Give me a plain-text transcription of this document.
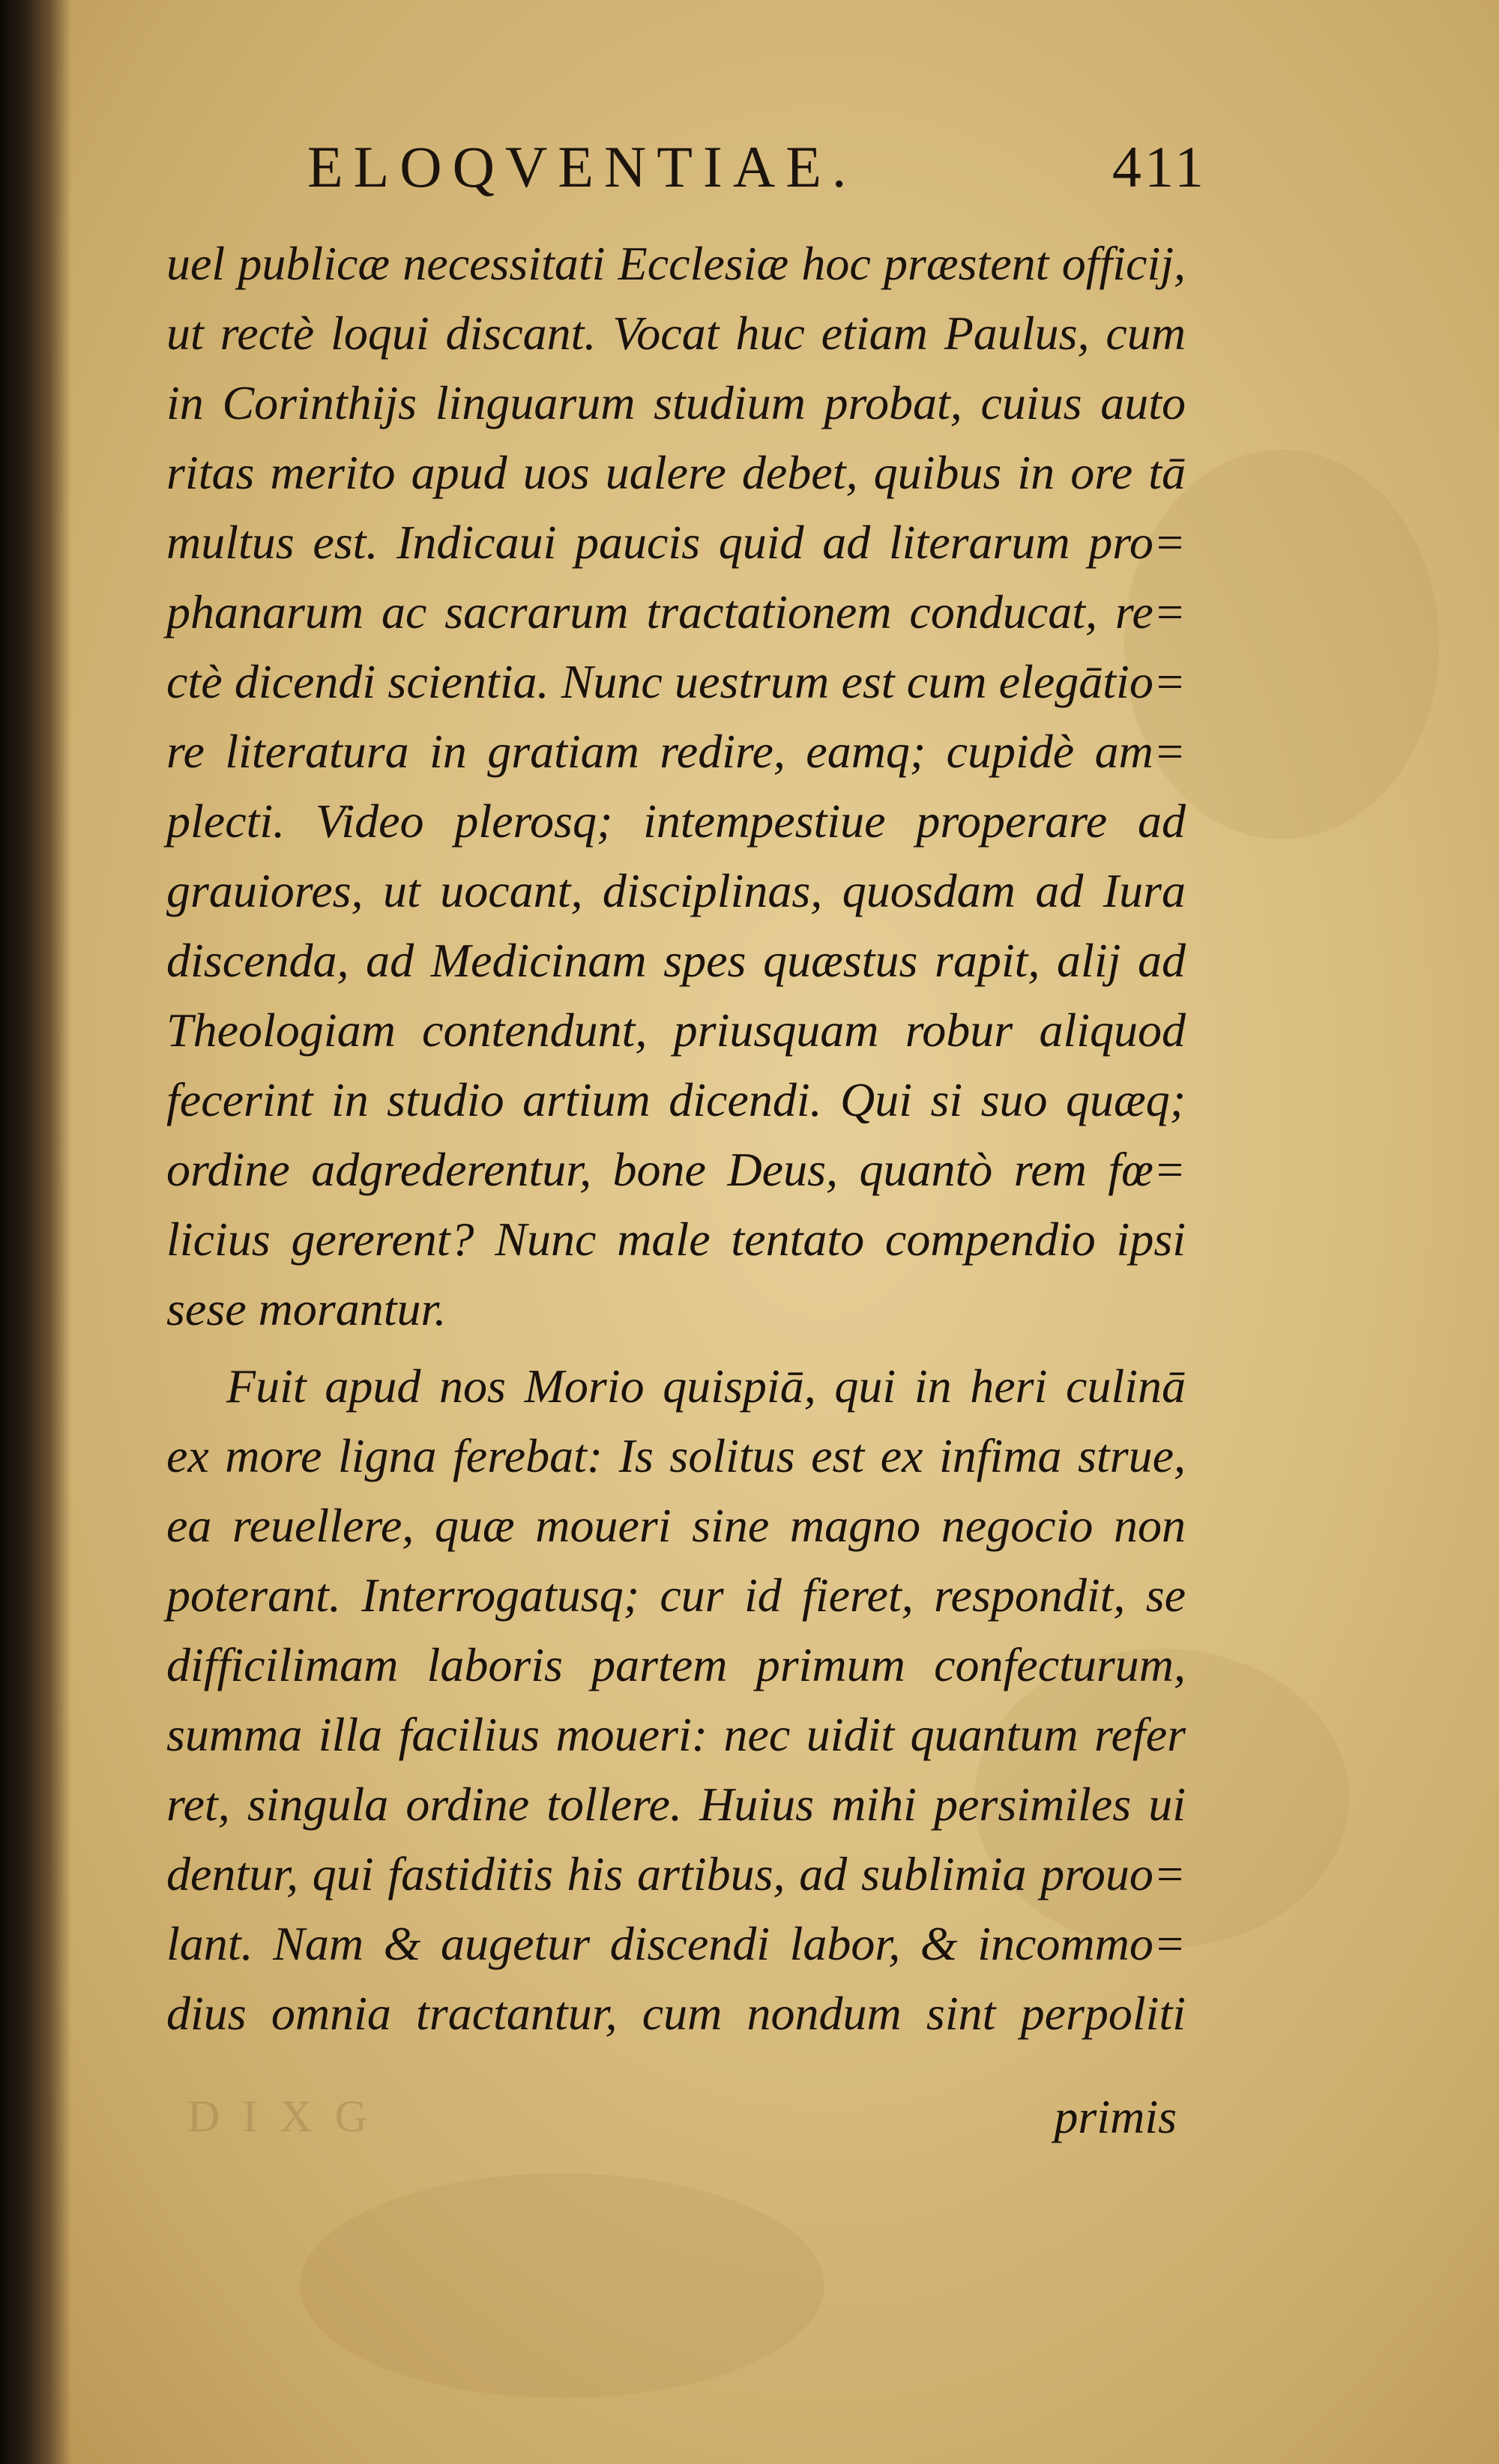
ELOQVENTIAE.	411
uel publicæ necessitati Ecclesiæ hoc præstent officij,
ut rectè loqui discant. Vocat huc etiam Paulus, cum
in Corinthijs linguarum studium probat, cuius auto
ritas merito apud uos ualere debet, quibus in ore tā
multus est. Indicaui paucis quid ad literarum pro=
phanarum ac sacrarum tractationem conducat, re=
ctè dicendi scientia. Nunc uestrum est cum elegātio=
re literatura in gratiam redire, eamq; cupidè am=
plecti. Video plerosq; intempestiue properare ad
grauiores, ut uocant, disciplinas, quosdam ad Iura
discenda, ad Medicinam spes quæstus rapit, alij ad
Theologiam contendunt, priusquam robur aliquod
fecerint in studio artium dicendi. Qui si suo quæq;
ordine adgrederentur, bone Deus, quantò rem fœ=
licius gererent? Nunc male tentato compendio ipsi
sese morantur.
Fuit apud nos Morio quispiā, qui in heri culinā
ex more ligna ferebat: Is solitus est ex infima strue,
ea reuellere, quæ moueri sine magno negocio non
poterant. Interrogatusq; cur id fieret, respondit, se
difficilimam laboris partem primum confecturum,
summa illa facilius moueri: nec uidit quantum refer
ret, singula ordine tollere. Huius mihi persimiles ui
dentur, qui fastiditis his artibus, ad sublimia prouo=
lant. Nam & augetur discendi labor, & incommo=
dius omnia tractantur, cum nondum sint perpoliti
DIXG	primis
